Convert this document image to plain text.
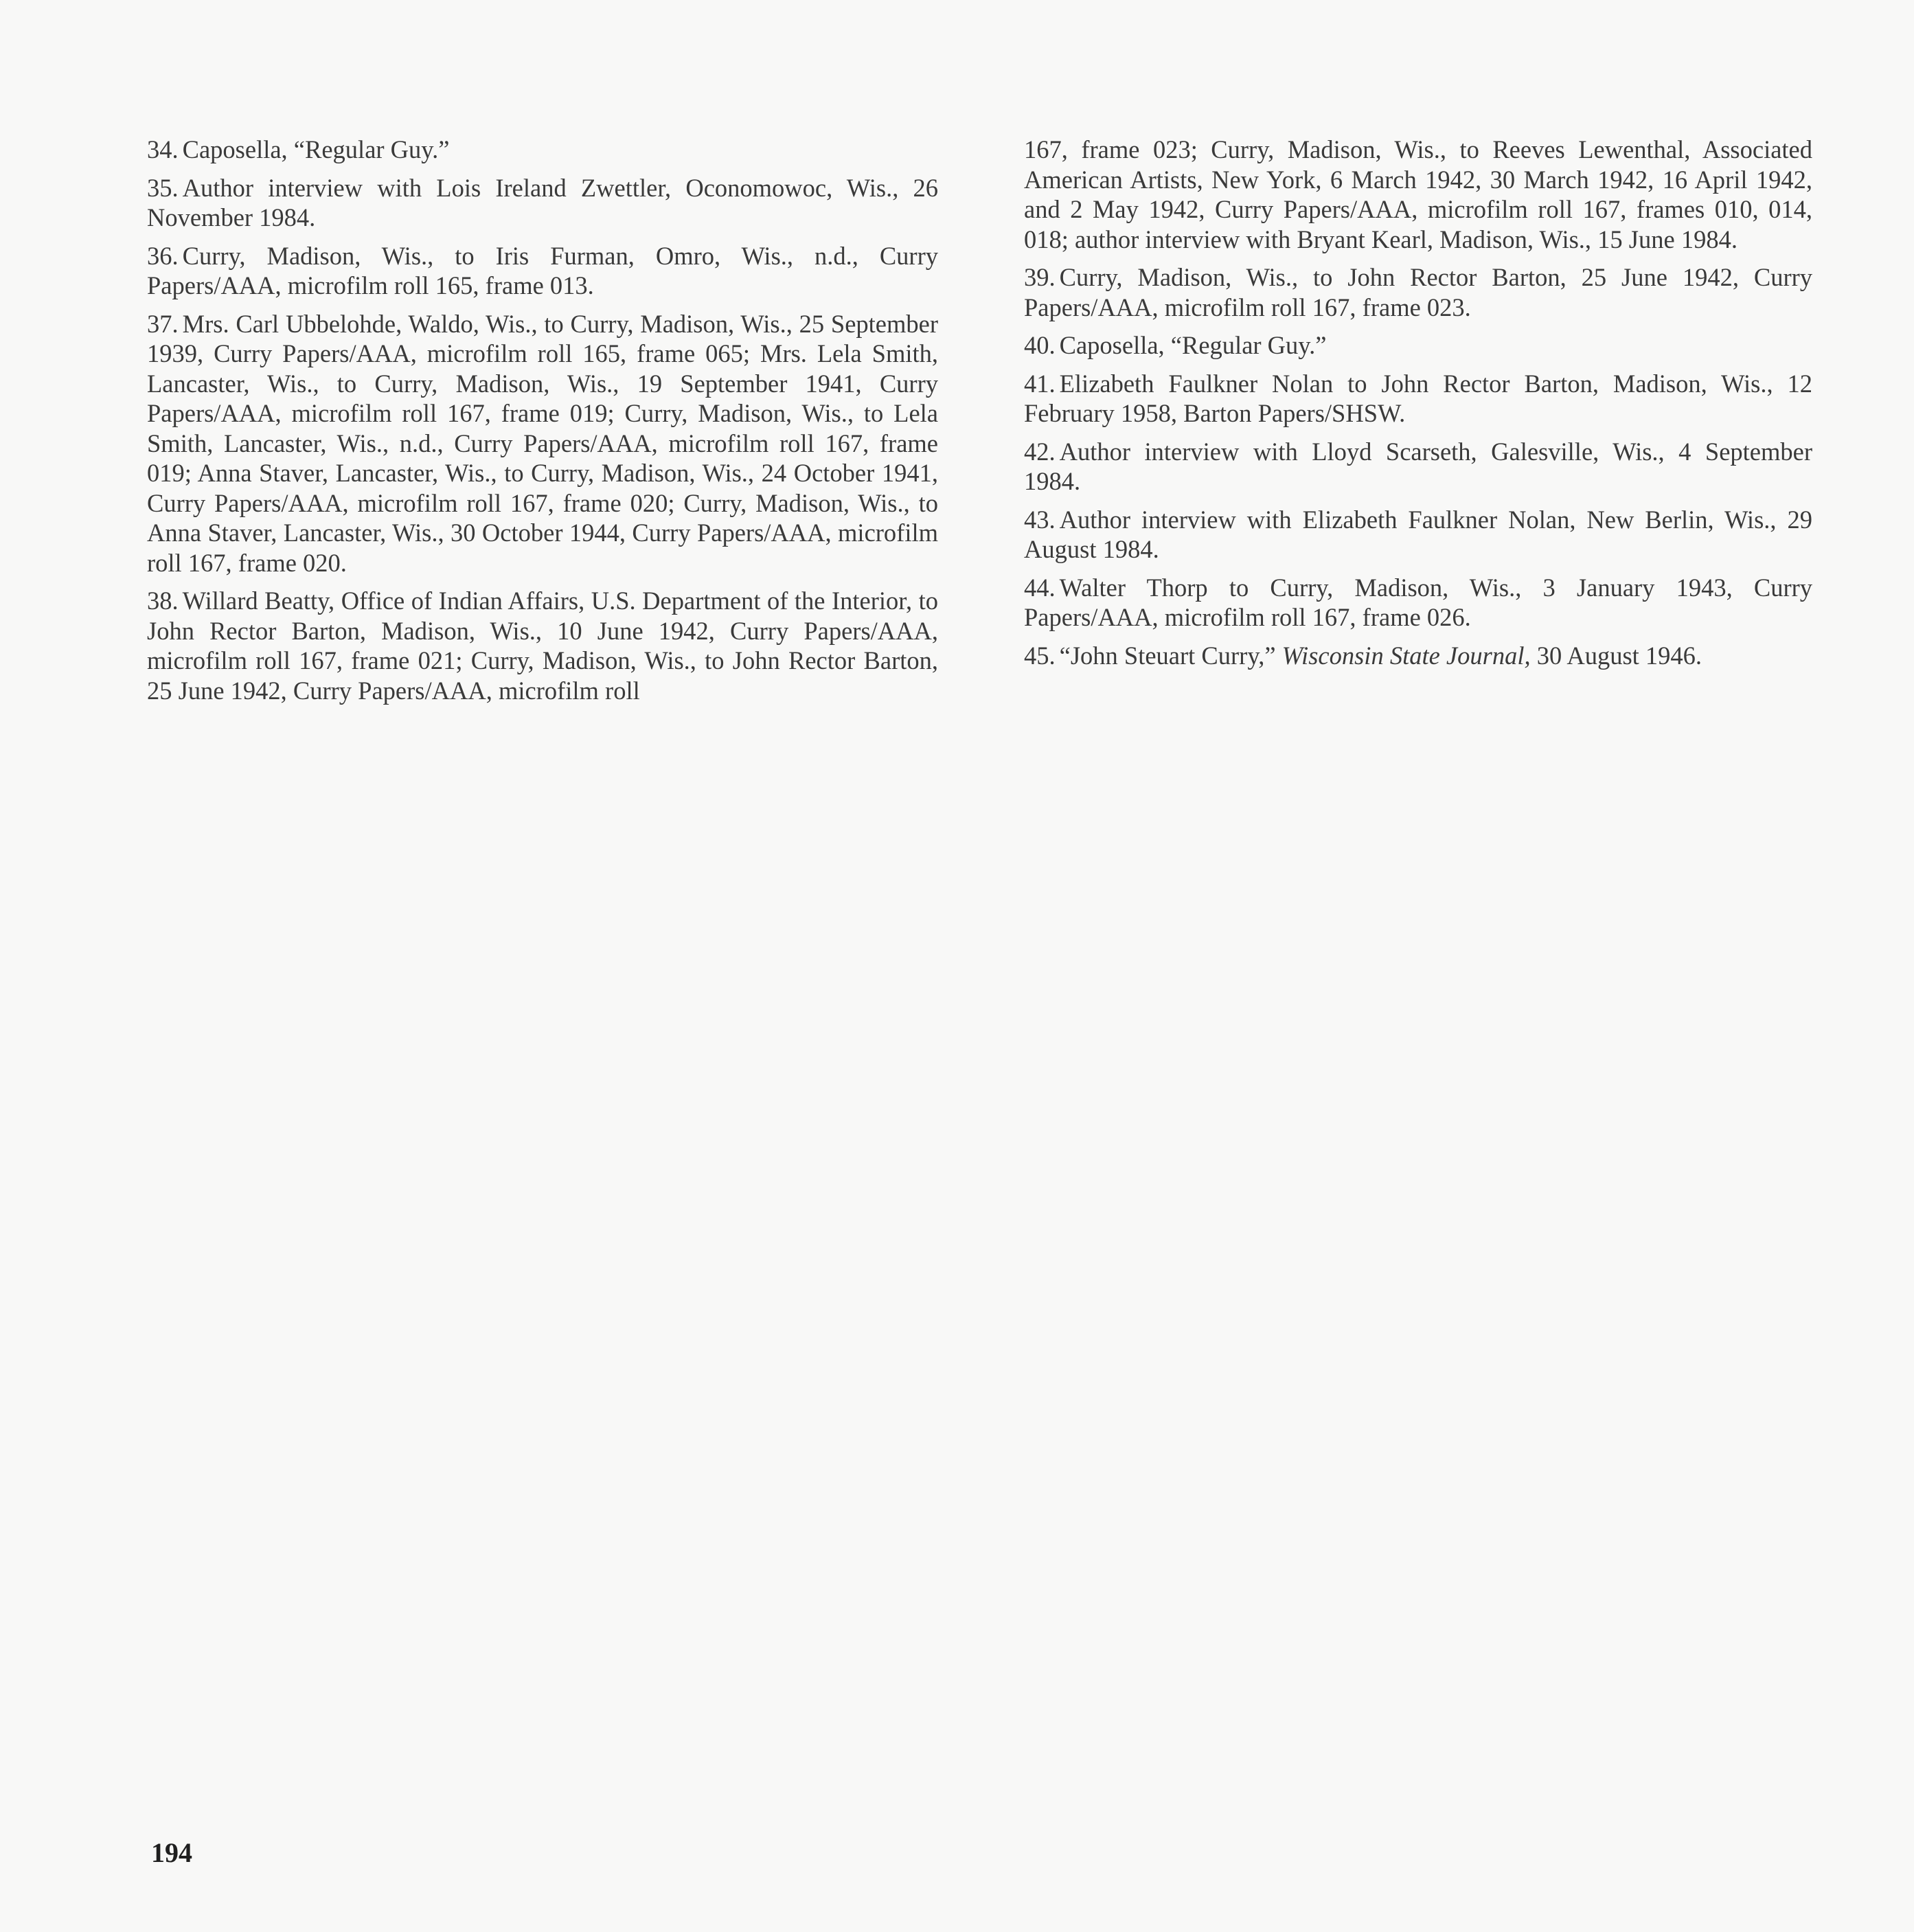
34. Caposella, “Regular Guy.”

35. Author interview with Lois Ireland Zwettler, Oconomowoc, Wis., 26 November 1984.

36. Curry, Madison, Wis., to Iris Furman, Omro, Wis., n.d., Curry Papers/AAA, microfilm roll 165, frame 013.

37. Mrs. Carl Ubbelohde, Waldo, Wis., to Curry, Madison, Wis., 25 September 1939, Curry Papers/AAA, microfilm roll 165, frame 065; Mrs. Lela Smith, Lancaster, Wis., to Curry, Madison, Wis., 19 September 1941, Curry Papers/AAA, microfilm roll 167, frame 019; Curry, Madison, Wis., to Lela Smith, Lancaster, Wis., n.d., Curry Papers/AAA, microfilm roll 167, frame 019; Anna Staver, Lancaster, Wis., to Curry, Madison, Wis., 24 October 1941, Curry Papers/AAA, microfilm roll 167, frame 020; Curry, Madison, Wis., to Anna Staver, Lancaster, Wis., 30 October 1944, Curry Papers/AAA, microfilm roll 167, frame 020.

38. Willard Beatty, Office of Indian Affairs, U.S. Department of the Interior, to John Rector Barton, Madison, Wis., 10 June 1942, Curry Papers/AAA, microfilm roll 167, frame 021; Curry, Madison, Wis., to John Rector Barton, 25 June 1942, Curry Papers/AAA, microfilm roll

167, frame 023; Curry, Madison, Wis., to Reeves Lewenthal, Associated American Artists, New York, 6 March 1942, 30 March 1942, 16 April 1942, and 2 May 1942, Curry Papers/AAA, microfilm roll 167, frames 010, 014, 018; author interview with Bryant Kearl, Madison, Wis., 15 June 1984.

39. Curry, Madison, Wis., to John Rector Barton, 25 June 1942, Curry Papers/AAA, microfilm roll 167, frame 023.

40. Caposella, “Regular Guy.”

41. Elizabeth Faulkner Nolan to John Rector Barton, Madison, Wis., 12 February 1958, Barton Papers/SHSW.

42. Author interview with Lloyd Scarseth, Galesville, Wis., 4 September 1984.

43. Author interview with Elizabeth Faulkner Nolan, New Berlin, Wis., 29 August 1984.

44. Walter Thorp to Curry, Madison, Wis., 3 January 1943, Curry Papers/AAA, microfilm roll 167, frame 026.

45. “John Steuart Curry,” Wisconsin State Journal, 30 August 1946.

194
